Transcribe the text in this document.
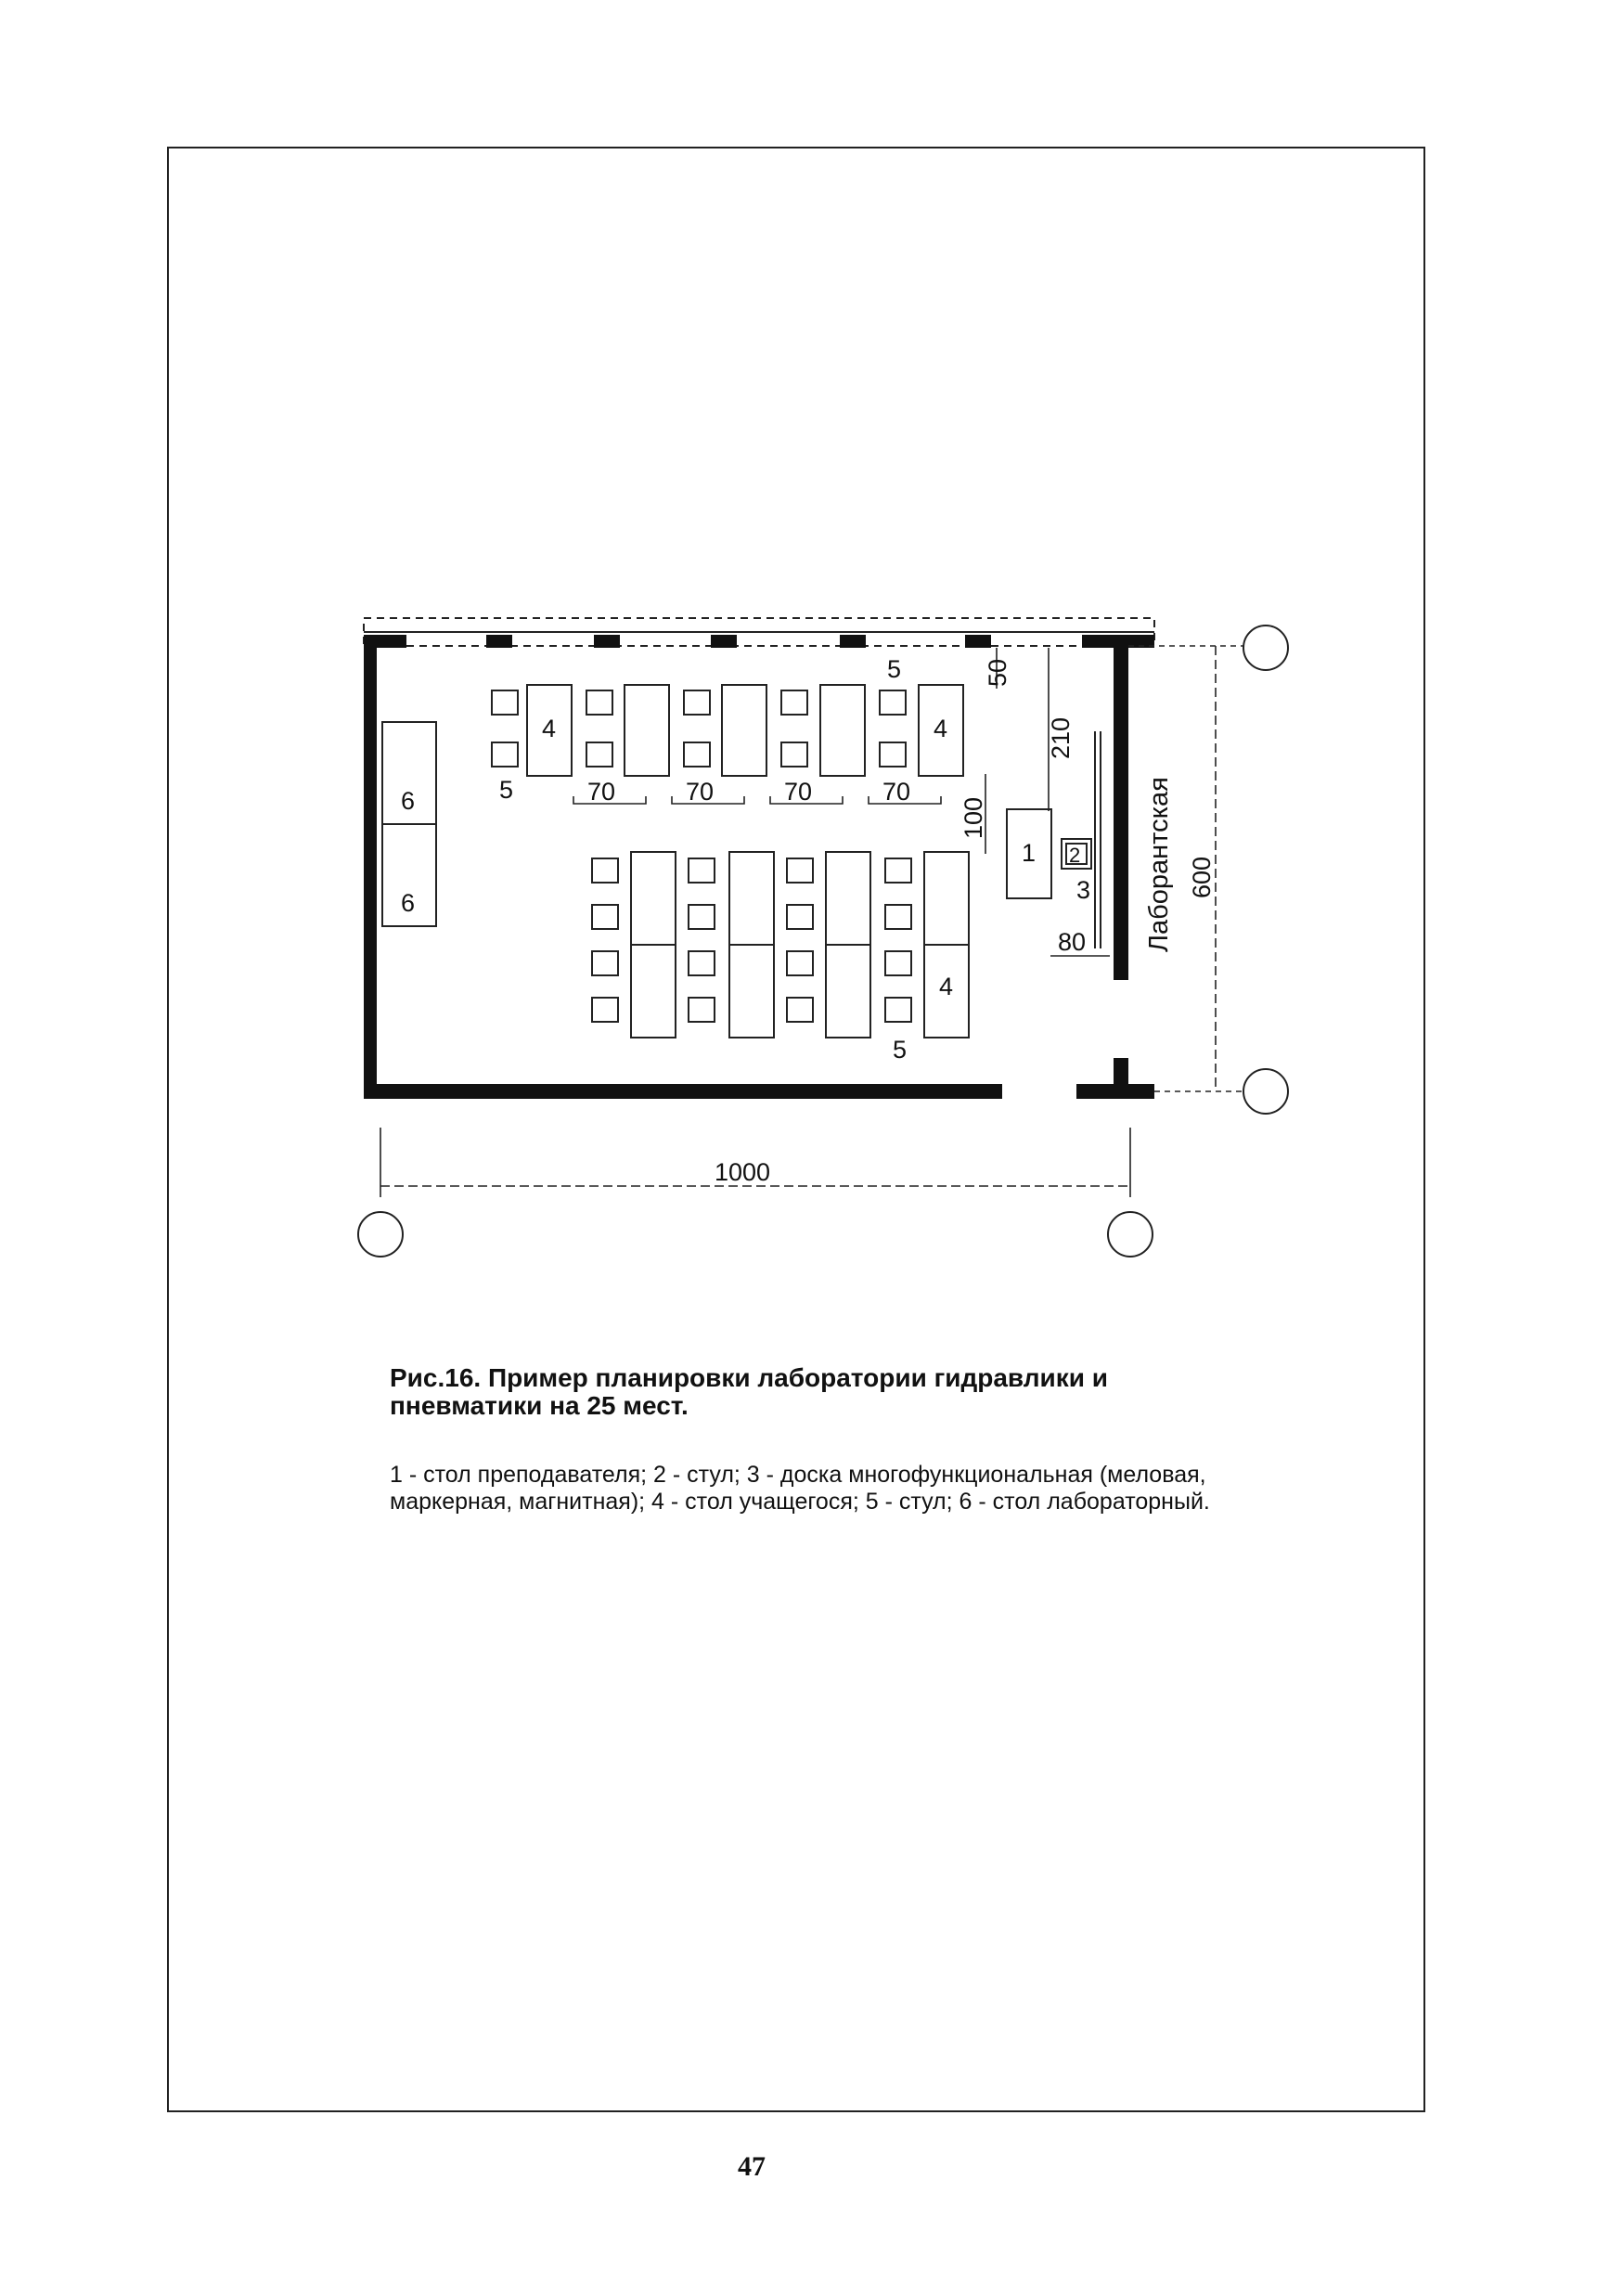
6
6
4	4
5
5
4
5
1 2
3
70	70	70	70
1000
80
600
210
100
50
Лаборантская
Рис.16. Пример планировки лаборатории гидравлики и пневматики на 25 мест.
1 - стол преподавателя; 2 - стул; 3 - доска многофункциональная (меловая, маркерная, магнитная); 4 - стол учащегося; 5 - стул; 6 - стол лабораторный.
47
